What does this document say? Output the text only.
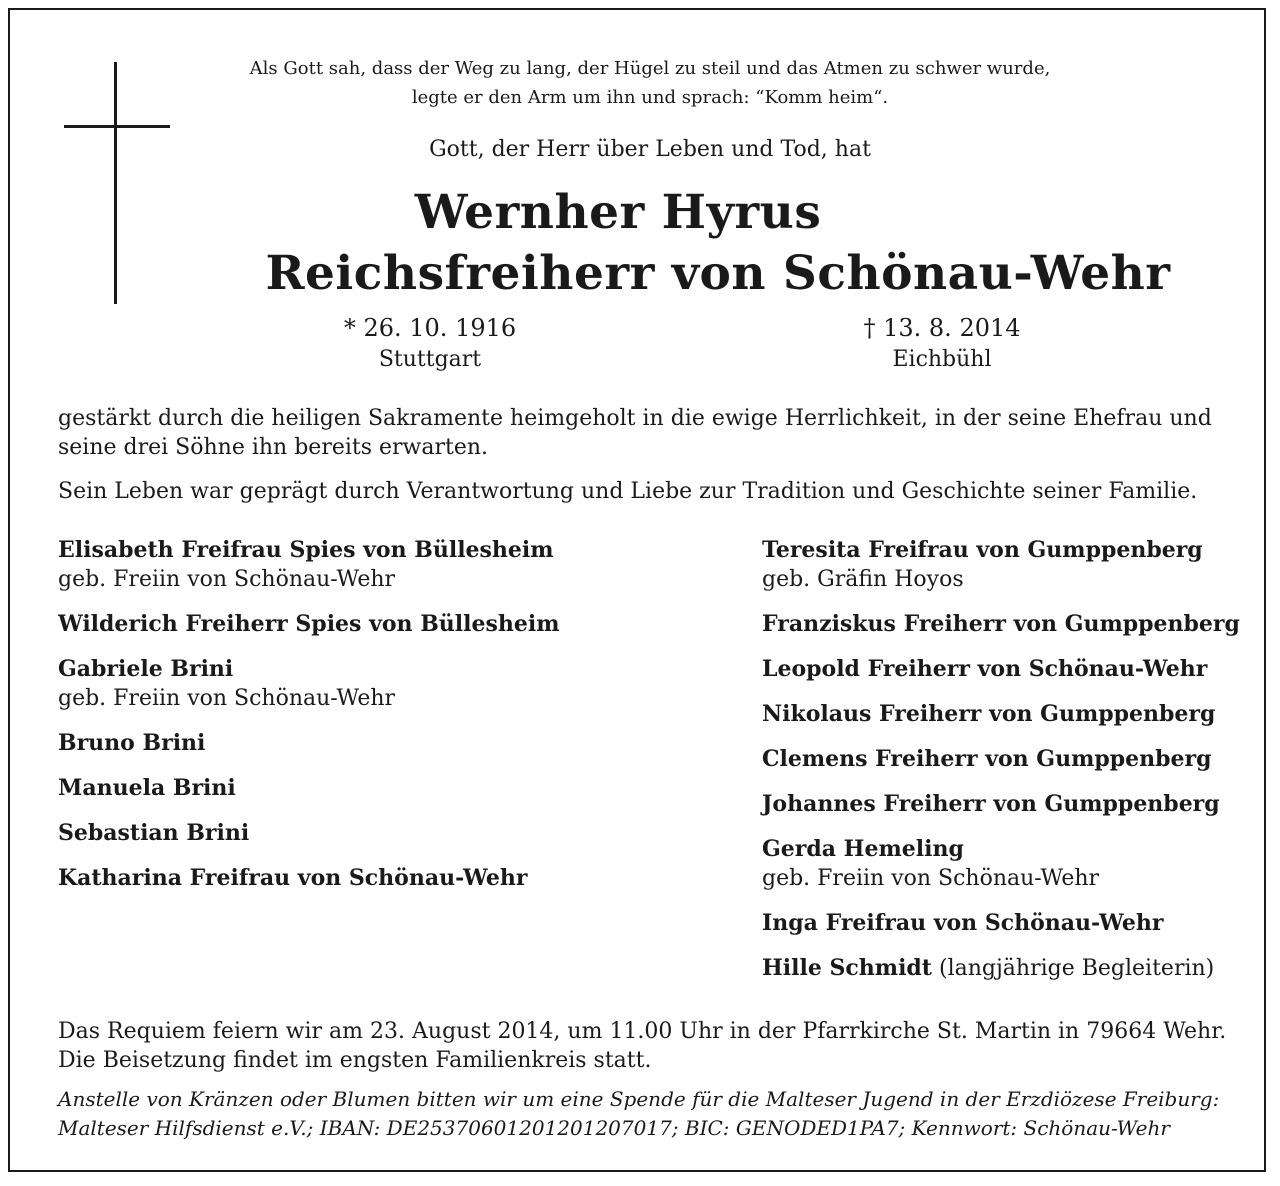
Als Gott sah, dass der Weg zu lang, der Hügel zu steil und das Atmen zu schwer wurde,
legte er den Arm um ihn und sprach: “Komm heim“.
Gott, der Herr über Leben und Tod, hat
Wernher Hyrus
Reichsfreiherr von Schönau-Wehr
* 26. 10. 1916
Stuttgart
† 13. 8. 2014
Eichbühl
gestärkt durch die heiligen Sakramente heimgeholt in die ewige Herrlichkeit, in der seine Ehefrau und seine drei Söhne ihn bereits erwarten.
Sein Leben war geprägt durch Verantwortung und Liebe zur Tradition und Geschichte seiner Familie.
Elisabeth Freifrau Spies von Büllesheim
geb. Freiin von Schönau-Wehr
Wilderich Freiherr Spies von Büllesheim
Gabriele Brini
geb. Freiin von Schönau-Wehr
Bruno Brini
Manuela Brini
Sebastian Brini
Katharina Freifrau von Schönau-Wehr
Teresita Freifrau von Gumppenberg
geb. Gräfin Hoyos
Franziskus Freiherr von Gumppenberg
Leopold Freiherr von Schönau-Wehr
Nikolaus Freiherr von Gumppenberg
Clemens Freiherr von Gumppenberg
Johannes Freiherr von Gumppenberg
Gerda Hemeling
geb. Freiin von Schönau-Wehr
Inga Freifrau von Schönau-Wehr
Hille Schmidt (langjährige Begleiterin)
Das Requiem feiern wir am 23. August 2014, um 11.00 Uhr in der Pfarrkirche St. Martin in 79664 Wehr.
Die Beisetzung findet im engsten Familienkreis statt.
Anstelle von Kränzen oder Blumen bitten wir um eine Spende für die Malteser Jugend in der Erzdiözese Freiburg:
Malteser Hilfsdienst e.V.; IBAN: DE25370601201201207017; BIC: GENODED1PA7; Kennwort: Schönau-Wehr
